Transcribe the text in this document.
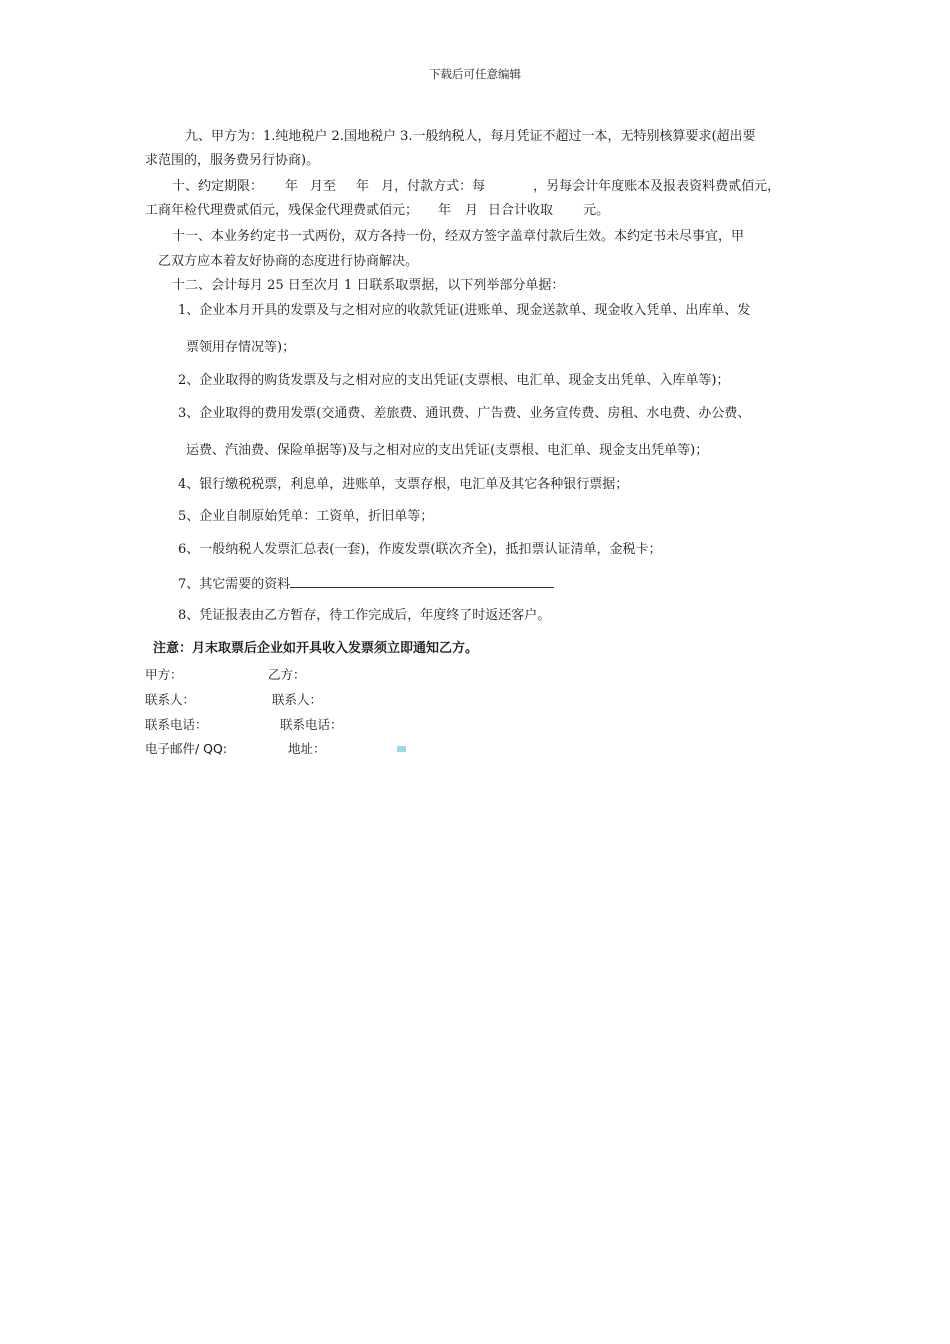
下载后可任意编辑
九、甲方为：1.纯地税户 2.国地税户 3.一般纳税人，每月凭证不超过一本，无特别核算要求(超出要
求范围的，服务费另行协商)。
十、约定期限： 年 月至 年 月，付款方式：每	，另每会计年度账本及报表资料费贰佰元，
工商年检代理费贰佰元，残保金代理费贰佰元； 年 月 日合计收取 元。
十一、本业务约定书一式两份，双方各持一份，经双方签字盖章付款后生效。本约定书未尽事宜，甲
乙双方应本着友好协商的态度进行协商解决。
十二、会计每月 25 日至次月 1 日联系取票据，以下列举部分单据：
1、企业本月开具的发票及与之相对应的收款凭证(进账单、现金送款单、现金收入凭单、出库单、发
票领用存情况等)；
2、企业取得的购货发票及与之相对应的支出凭证(支票根、电汇单、现金支出凭单、入库单等)；
3、企业取得的费用发票(交通费、差旅费、通讯费、广告费、业务宣传费、房租、水电费、办公费、
运费、汽油费、保险单据等)及与之相对应的支出凭证(支票根、电汇单、现金支出凭单等)；
4、银行缴税税票，利息单，进账单，支票存根，电汇单及其它各种银行票据；
5、企业自制原始凭单：工资单，折旧单等；
6、一般纳税人发票汇总表(一套)，作废发票(联次齐全)，抵扣票认证清单，金税卡；
7、其它需要的资料
8、凭证报表由乙方暂存，待工作完成后，年度终了时返还客户。
注意：月末取票后企业如开具收入发票须立即通知乙方。
甲方：	乙方：
联系人：	联系人：
联系电话：	联系电话：
电子邮件/ QQ:	地址：
